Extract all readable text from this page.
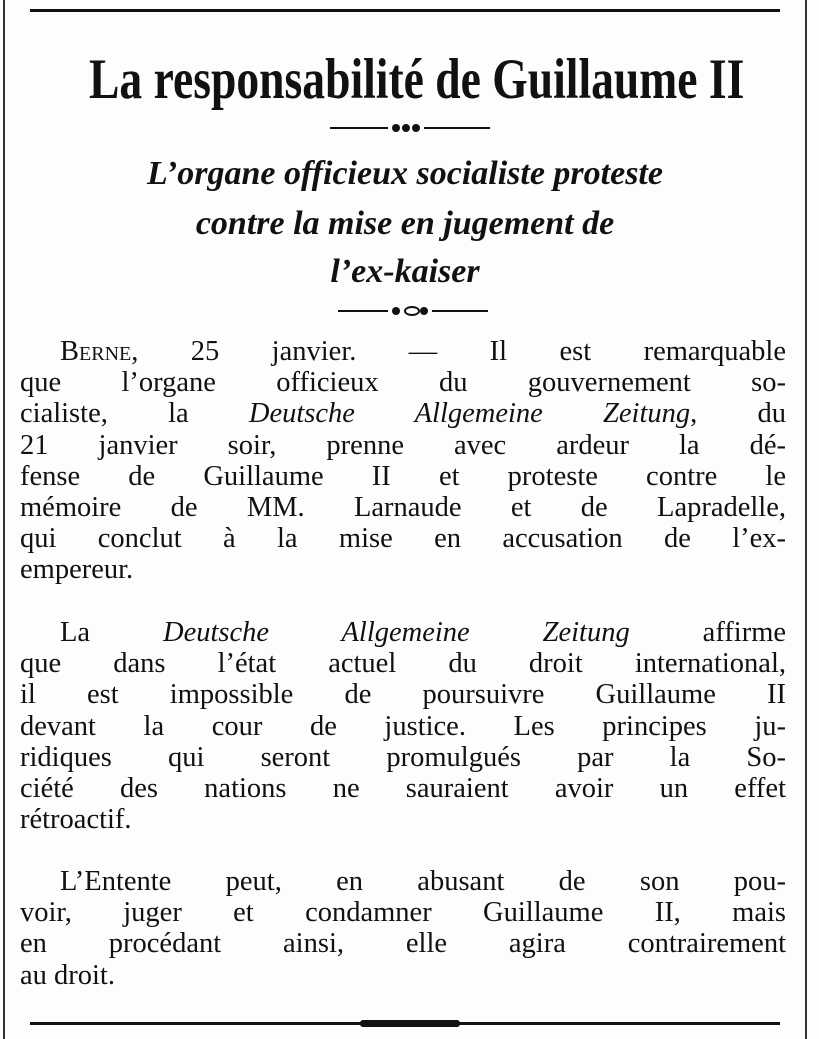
La responsabilité de Guillaume II

L’organe officieux socialiste proteste

contre la mise en jugement de

l’ex-kaiser

Berne, 25 janvier. — Il est remarquable
que l’organe officieux du gouvernement so-
cialiste, la Deutsche Allgemeine Zeitung, du
21 janvier soir, prenne avec ardeur la dé-
fense de Guillaume II et proteste contre le
mémoire de MM. Larnaude et de Lapradelle,
qui conclut à la mise en accusation de l’ex-
empereur.
La Deutsche Allgemeine Zeitung affirme
que dans l’état actuel du droit international,
il est impossible de poursuivre Guillaume II
devant la cour de justice. Les principes ju-
ridiques qui seront promulgués par la So-
ciété des nations ne sauraient avoir un effet
rétroactif.
L’Entente peut, en abusant de son pou-
voir, juger et condamner Guillaume II, mais
en procédant ainsi, elle agira contrairement
au droit.
